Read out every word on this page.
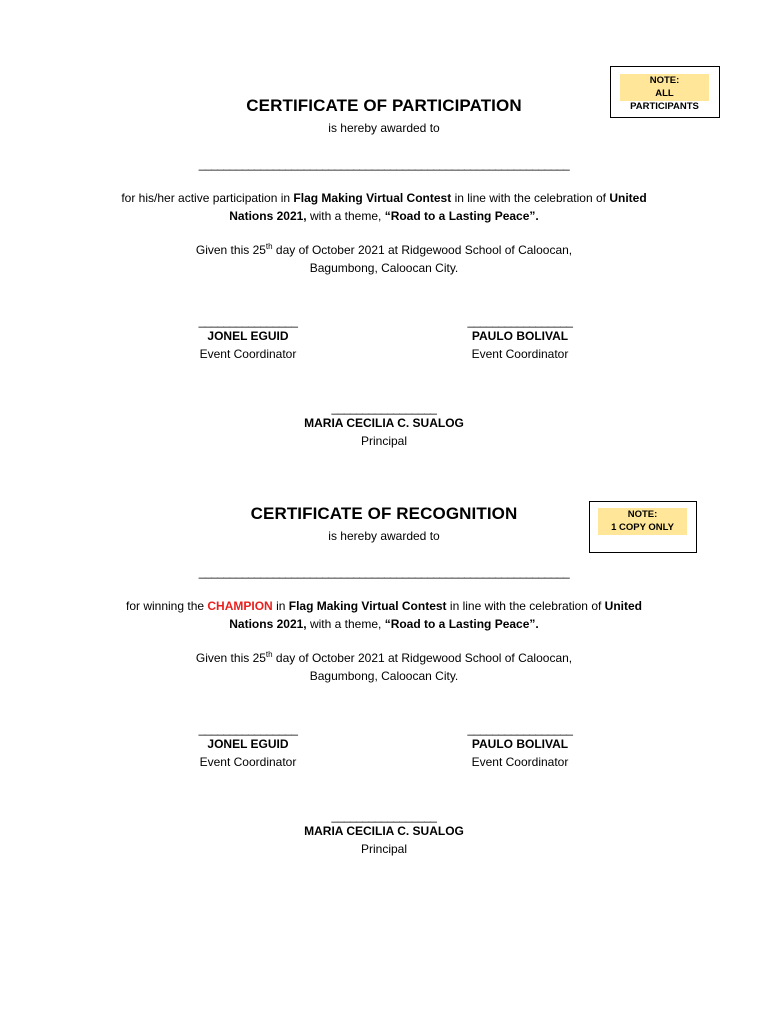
NOTE:
ALL PARTICIPANTS
CERTIFICATE OF PARTICIPATION
is hereby awarded to
____________________________________________________________
for his/her active participation in Flag Making Virtual Contest in line with the celebration of United
Nations 2021, with a theme, “Road to a Lasting Peace”.
Given this 25th day of October 2021 at Ridgewood School of Caloocan,
Bagumbong, Caloocan City.
________________
JONEL EGUID
Event Coordinator
_________________
PAULO BOLIVAL
Event Coordinator
_________________
MARIA CECILIA C. SUALOG
Principal
NOTE:
1 COPY ONLY
CERTIFICATE OF RECOGNITION
is hereby awarded to
____________________________________________________________
for winning the CHAMPION in Flag Making Virtual Contest in line with the celebration of United
Nations 2021, with a theme, “Road to a Lasting Peace”.
Given this 25th day of October 2021 at Ridgewood School of Caloocan,
Bagumbong, Caloocan City.
________________
JONEL EGUID
Event Coordinator
_________________
PAULO BOLIVAL
Event Coordinator
_________________
MARIA CECILIA C. SUALOG
Principal
